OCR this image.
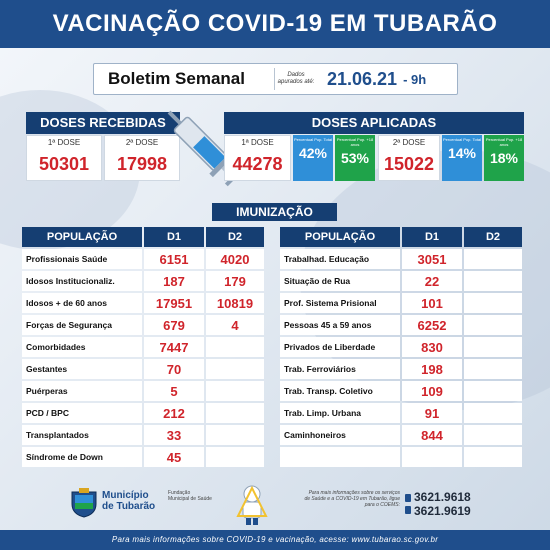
VACINAÇÃO COVID-19 EM TUBARÃO
Boletim Semanal	Dados apurados até: 21.06.21 - 9h
DOSES RECEBIDAS
1ª DOSE	2ª DOSE
50301	17998
DOSES APLICADAS
1ª DOSE
44278
Percentual Pop. Total
42%
Percentual Pop. +18 anos
53%
2ª DOSE
15022
Percentual Pop. Total
14%
Percentual Pop. +18 anos
18%
IMUNIZAÇÃO
POPULAÇÃO	D1	D2
Profissionais Saúde	6151	4020
Idosos Institucionaliz.	187	179
Idosos + de 60 anos	17951	10819
Forças de Segurança	679	4
Comorbidades	7447	
Gestantes	70	
Puérperas	5	
PCD / BPC	212	
Transplantados	33	
Síndrome de Down	45	
POPULAÇÃO	D1	D2
Trabalhad. Educação	3051	
Situação de Rua	22	
Prof. Sistema Prisional	101	
Pessoas 45 a 59 anos	6252	
Privados de Liberdade	830	
Trab. Ferroviários	198	
Trab. Transp. Coletivo	109	
Trab. Limp. Urbana	91	
Caminhoneiros	844	

Município
de Tubarão
Fundação Municipal de Saúde
Para mais informações sobre os serviços de Saúde e a COVID-19 em Tubarão, ligue para o COEMS:
3621.9618
3621.9619
Para mais informações sobre COVID-19 e vacinação, acesse: www.tubarao.sc.gov.br
